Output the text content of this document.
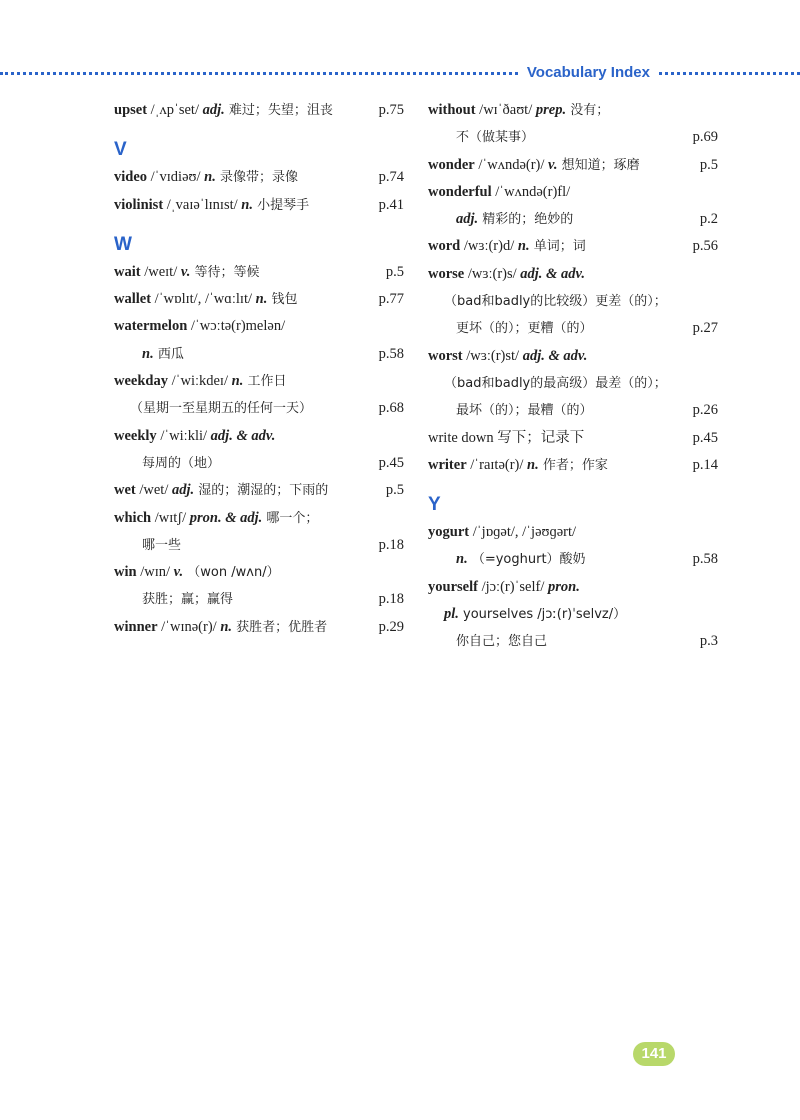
Vocabulary Index
upset /ˌʌpˈset/ adj. 难过；失望；沮丧	p.75
V
video /ˈvɪdiəʊ/ n. 录像带；录像	p.74
violinist /ˌvaɪəˈlɪnɪst/ n. 小提琴手	p.41
W
wait /weɪt/ v. 等待；等候	p.5
wallet /ˈwɒlɪt/, /ˈwɑːlɪt/ n. 钱包	p.77
watermelon /ˈwɔːtə(r)melən/
n. 西瓜	p.58
weekday /ˈwiːkdeɪ/ n. 工作日
（星期一至星期五的任何一天）	p.68
weekly /ˈwiːkli/ adj. & adv.
每周的（地）	p.45
wet /wet/ adj. 湿的；潮湿的；下雨的	p.5
which /wɪtʃ/ pron. & adj. 哪一个；
哪一些	p.18
win /wɪn/ v. （won /wʌn/）
获胜；赢；赢得	p.18
winner /ˈwɪnə(r)/ n. 获胜者；优胜者	p.29
without /wɪˈðaʊt/ prep. 没有；
不（做某事）	p.69
wonder /ˈwʌndə(r)/ v. 想知道；琢磨	p.5
wonderful /ˈwʌndə(r)fl/
adj. 精彩的；绝妙的	p.2
word /wɜː(r)d/ n. 单词；词	p.56
worse /wɜː(r)s/ adj. & adv.
（bad和badly的比较级）更差（的）；
更坏（的）；更糟（的）	p.27
worst /wɜː(r)st/ adj. & adv.
（bad和badly的最高级）最差（的）；
最坏（的）；最糟（的）	p.26
write down 写下；记录下	p.45
writer /ˈraɪtə(r)/ n. 作者；作家	p.14
Y
yogurt /ˈjɒɡət/, /ˈjəʊɡərt/
n. （=yoghurt）酸奶	p.58
yourself /jɔː(r)ˈself/ pron.
pl. yourselves /jɔː(r)ˈselvz/）
你自己；您自己	p.3
141
